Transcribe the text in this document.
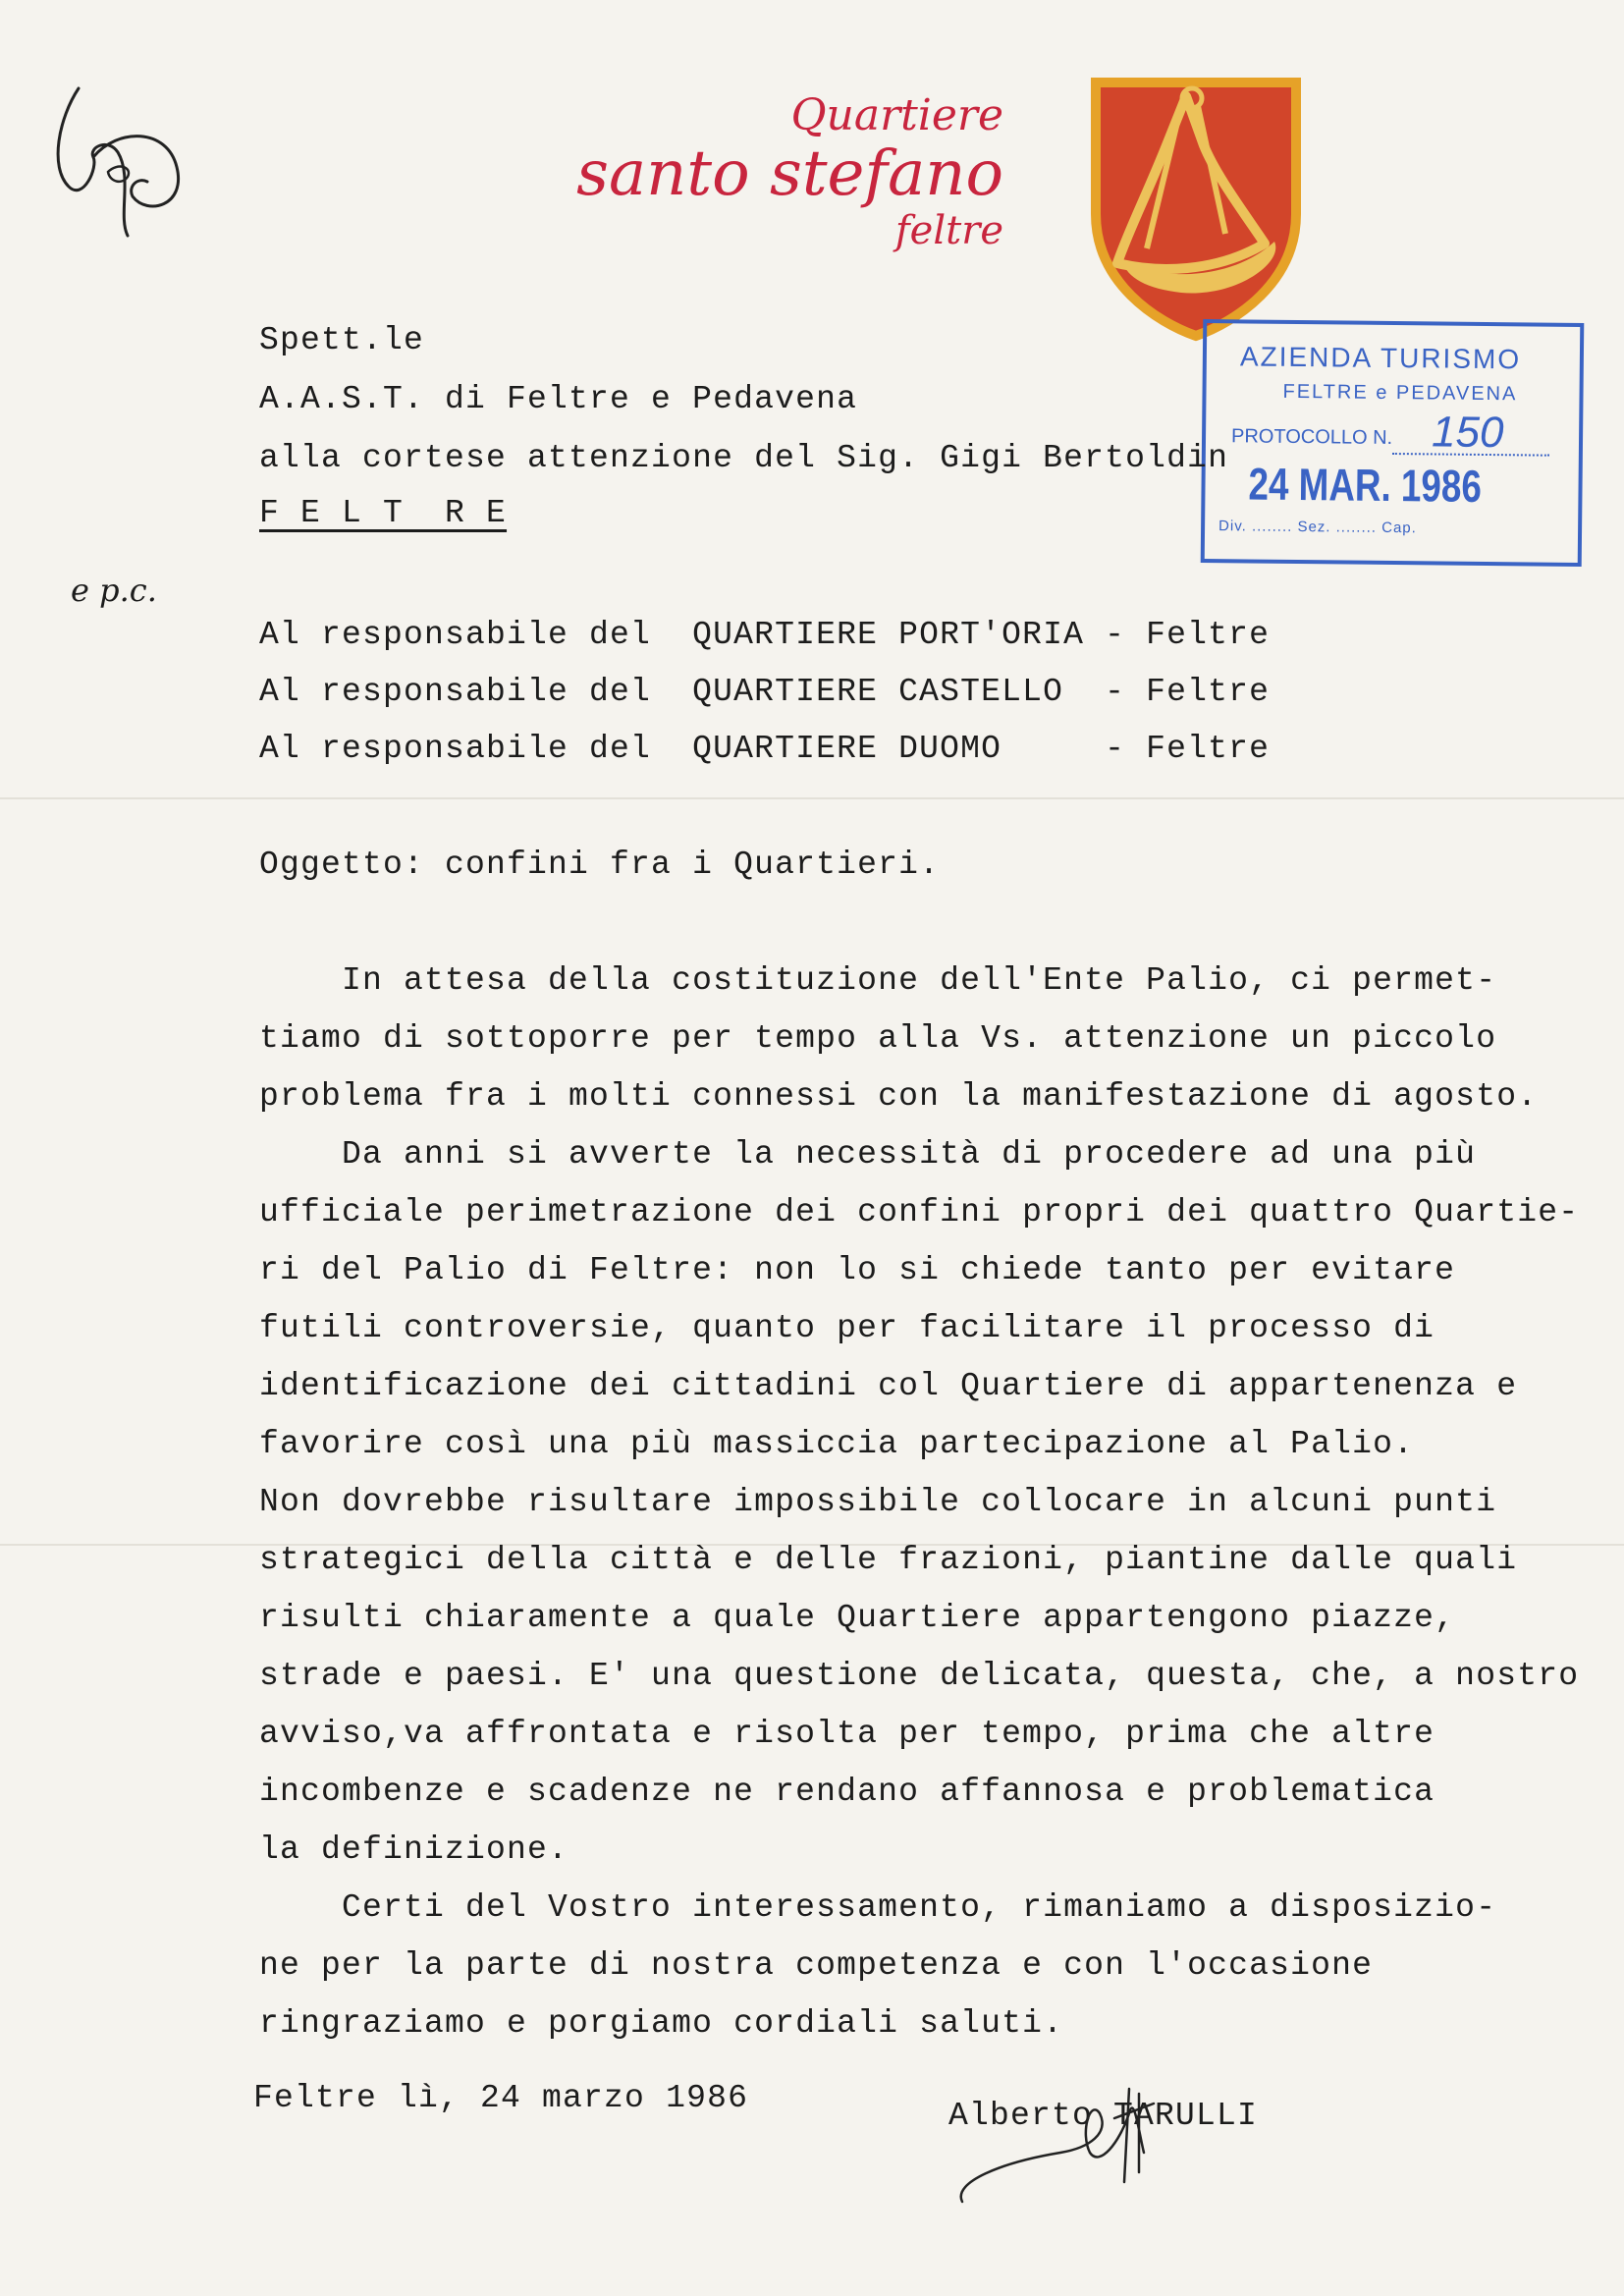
Quartiere
santo stefano
feltre
AZIENDA TURISMO
FELTRE e PEDAVENA
PROTOCOLLO N. 150
24 MAR. 1986
Div. ........ Sez. ........ Cap.
Spett.le
A.A.S.T. di Feltre e Pedavena
alla cortese attenzione del Sig. Gigi Bertoldin
F E L T  R E
e p.c.
Al responsabile del  QUARTIERE PORT'ORIA - Feltre
Al responsabile del  QUARTIERE CASTELLO  - Feltre
Al responsabile del  QUARTIERE DUOMO     - Feltre
Oggetto: confini fra i Quartieri.
In attesa della costituzione dell'Ente Palio, ci permet-
tiamo di sottoporre per tempo alla Vs. attenzione un piccolo
problema fra i molti connessi con la manifestazione di agosto.
Da anni si avverte la necessità di procedere ad una più
ufficiale perimetrazione dei confini propri dei quattro Quartie-
ri del Palio di Feltre: non lo si chiede tanto per evitare
futili controversie, quanto per facilitare il processo di
identificazione dei cittadini col Quartiere di appartenenza e
favorire così una più massiccia partecipazione al Palio.
Non dovrebbe risultare impossibile collocare in alcuni punti
strategici della città e delle frazioni, piantine dalle quali
risulti chiaramente a quale Quartiere appartengono piazze,
strade e paesi. E' una questione delicata, questa, che, a nostro
avviso,va affrontata e risolta per tempo, prima che altre
incombenze e scadenze ne rendano affannosa e problematica
la definizione.
Certi del Vostro interessamento, rimaniamo a disposizio-
ne per la parte di nostra competenza e con l'occasione
ringraziamo e porgiamo cordiali saluti.
Feltre lì, 24 marzo 1986	Alberto TARULLI
